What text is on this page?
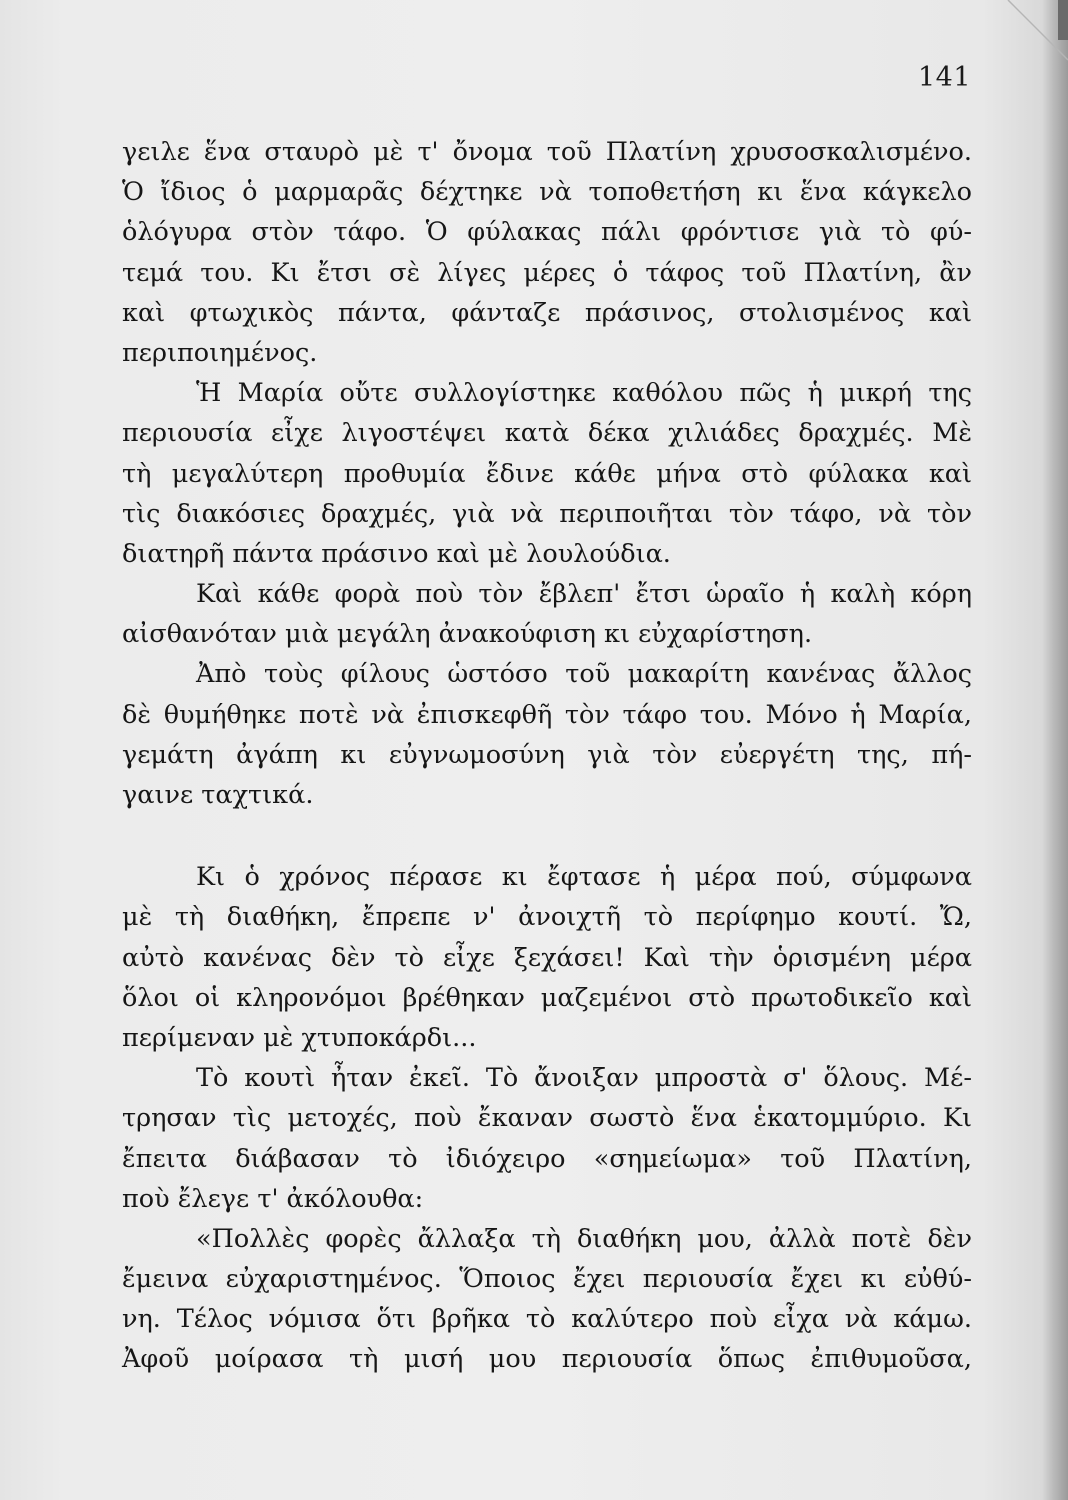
141
γειλε ἕνα σταυρὸ μὲ τ' ὄνομα τοῦ Πλατίνη χρυσοσκαλισμένο.
Ὁ ἴδιος ὁ μαρμαρᾶς δέχτηκε νὰ τοποθετήση κι ἕνα κάγκελο
ὁλόγυρα στὸν τάφο. Ὁ φύλακας πάλι φρόντισε γιὰ τὸ φύ-
τεμά του. Κι ἔτσι σὲ λίγες μέρες ὁ τάφος τοῦ Πλατίνη, ἂν
καὶ φτωχικὸς πάντα, φάνταζε πράσινος, στολισμένος καὶ
περιποιημένος.
Ἡ Μαρία οὔτε συλλογίστηκε καθόλου πῶς ἡ μικρή της
περιουσία εἶχε λιγοστέψει κατὰ δέκα χιλιάδες δραχμές. Μὲ
τὴ μεγαλύτερη προθυμία ἔδινε κάθε μήνα στὸ φύλακα καὶ
τὶς διακόσιες δραχμές, γιὰ νὰ περιποιῆται τὸν τάφο, νὰ τὸν
διατηρῆ πάντα πράσινο καὶ μὲ λουλούδια.
Καὶ κάθε φορὰ ποὺ τὸν ἔβλεπ' ἔτσι ὡραῖο ἡ καλὴ κόρη
αἰσθανόταν μιὰ μεγάλη ἀνακούφιση κι εὐχαρίστηση.
Ἀπὸ τοὺς φίλους ὡστόσο τοῦ μακαρίτη κανένας ἄλλος
δὲ θυμήθηκε ποτὲ νὰ ἐπισκεφθῆ τὸν τάφο του. Μόνο ἡ Μαρία,
γεμάτη ἀγάπη κι εὐγνωμοσύνη γιὰ τὸν εὐεργέτη της, πή-
γαινε ταχτικά.
Κι ὁ χρόνος πέρασε κι ἔφτασε ἡ μέρα πού, σύμφωνα
μὲ τὴ διαθήκη, ἔπρεπε ν' ἀνοιχτῆ τὸ περίφημο κουτί. Ὤ,
αὐτὸ κανένας δὲν τὸ εἶχε ξεχάσει! Καὶ τὴν ὁρισμένη μέρα
ὅλοι οἱ κληρονόμοι βρέθηκαν μαζεμένοι στὸ πρωτοδικεῖο καὶ
περίμεναν μὲ χτυποκάρδι...
Τὸ κουτὶ ἦταν ἐκεῖ. Τὸ ἄνοιξαν μπροστὰ σ' ὅλους. Μέ-
τρησαν τὶς μετοχές, ποὺ ἔκαναν σωστὸ ἕνα ἑκατομμύριο. Κι
ἔπειτα διάβασαν τὸ ἰδιόχειρο «σημείωμα» τοῦ Πλατίνη,
ποὺ ἔλεγε τ' ἀκόλουθα:
«Πολλὲς φορὲς ἄλλαξα τὴ διαθήκη μου, ἀλλὰ ποτὲ δὲν
ἔμεινα εὐχαριστημένος. Ὅποιος ἔχει περιουσία ἔχει κι εὐθύ-
νη. Τέλος νόμισα ὅτι βρῆκα τὸ καλύτερο ποὺ εἶχα νὰ κάμω.
Ἀφοῦ μοίρασα τὴ μισή μου περιουσία ὅπως ἐπιθυμοῦσα,
